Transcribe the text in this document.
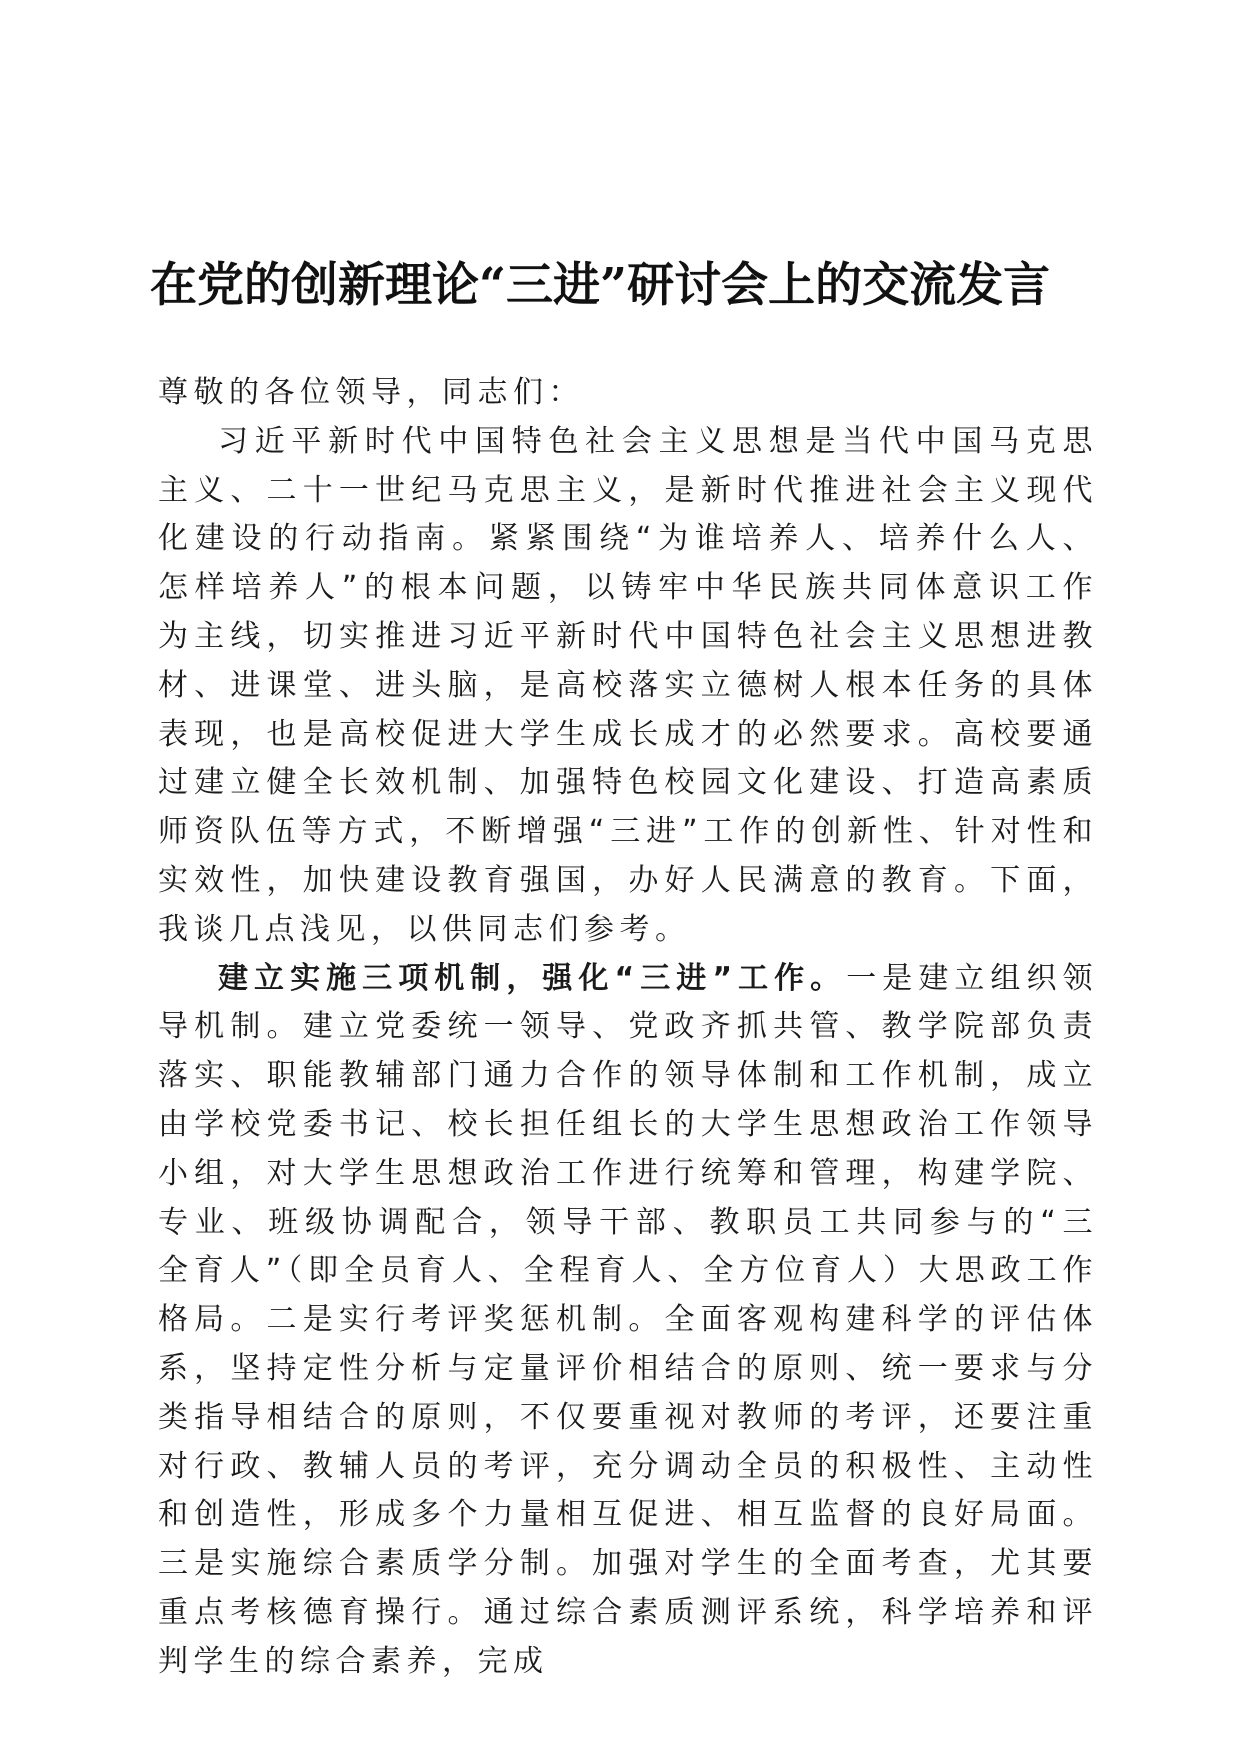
在党的创新理论“三进”研讨会上的交流发言

尊敬的各位领导，同志们：

习近平新时代中国特色社会主义思想是当代中国马克思主义、二十一世纪马克思主义，是新时代推进社会主义现代化建设的行动指南。紧紧围绕“为谁培养人、培养什么人、怎样培养人”的根本问题，以铸牢中华民族共同体意识工作为主线，切实推进习近平新时代中国特色社会主义思想进教材、进课堂、进头脑，是高校落实立德树人根本任务的具体表现，也是高校促进大学生成长成才的必然要求。高校要通过建立健全长效机制、加强特色校园文化建设、打造高素质师资队伍等方式，不断增强“三进”工作的创新性、针对性和实效性，加快建设教育强国，办好人民满意的教育。下面，我谈几点浅见，以供同志们参考。

建立实施三项机制，强化“三进”工作。一是建立组织领导机制。建立党委统一领导、党政齐抓共管、教学院部负责落实、职能教辅部门通力合作的领导体制和工作机制，成立由学校党委书记、校长担任组长的大学生思想政治工作领导小组，对大学生思想政治工作进行统筹和管理，构建学院、专业、班级协调配合，领导干部、教职员工共同参与的“三全育人”（即全员育人、全程育人、全方位育人）大思政工作格局。二是实行考评奖惩机制。全面客观构建科学的评估体系，坚持定性分析与定量评价相结合的原则、统一要求与分类指导相结合的原则，不仅要重视对教师的考评，还要注重对行政、教辅人员的考评，充分调动全员的积极性、主动性和创造性，形成多个力量相互促进、相互监督的良好局面。三是实施综合素质学分制。加强对学生的全面考查，尤其要重点考核德育操行。通过综合素质测评系统，科学培养和评判学生的综合素养，完成
